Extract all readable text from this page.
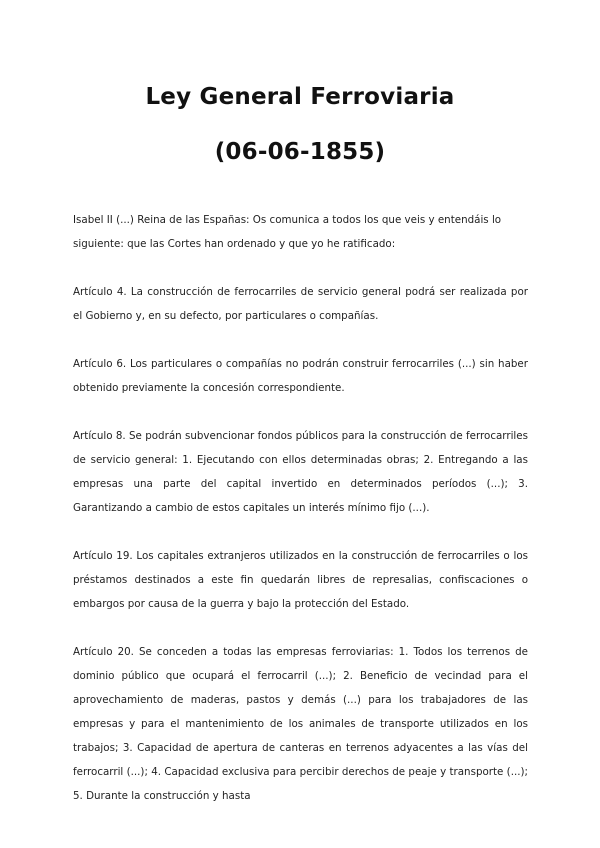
Ley General Ferroviaria
(06-06-1855)

Isabel II (...) Reina de las Españas: Os comunica a todos los que veis y entendáis lo siguiente: que las Cortes han ordenado y que yo he ratificado:

Artículo 4. La construcción de ferrocarriles de servicio general podrá ser realizada por el Gobierno y, en su defecto, por particulares o compañías.

Artículo 6. Los particulares o compañías no podrán construir ferrocarriles (...) sin haber obtenido previamente la concesión correspondiente.

Artículo 8. Se podrán subvencionar fondos públicos para la construcción de ferrocarriles de servicio general: 1. Ejecutando con ellos determinadas obras; 2. Entregando a las empresas una parte del capital invertido en determinados períodos (...); 3. Garantizando a cambio de estos capitales un interés mínimo fijo (...).

Artículo 19. Los capitales extranjeros utilizados en la construcción de ferrocarriles o los préstamos destinados a este fin quedarán libres de represalias, confiscaciones o embargos por causa de la guerra y bajo la protección del Estado.

Artículo 20. Se conceden a todas las empresas ferroviarias: 1. Todos los terrenos de dominio público que ocupará el ferrocarril (...); 2. Beneficio de vecindad para el aprovechamiento de maderas, pastos y demás (...) para los trabajadores de las empresas y para el mantenimiento de los animales de transporte utilizados en los trabajos; 3. Capacidad de apertura de canteras en terrenos adyacentes a las vías del ferrocarril (...); 4. Capacidad exclusiva para percibir derechos de peaje y transporte (...); 5. Durante la construcción y hasta
